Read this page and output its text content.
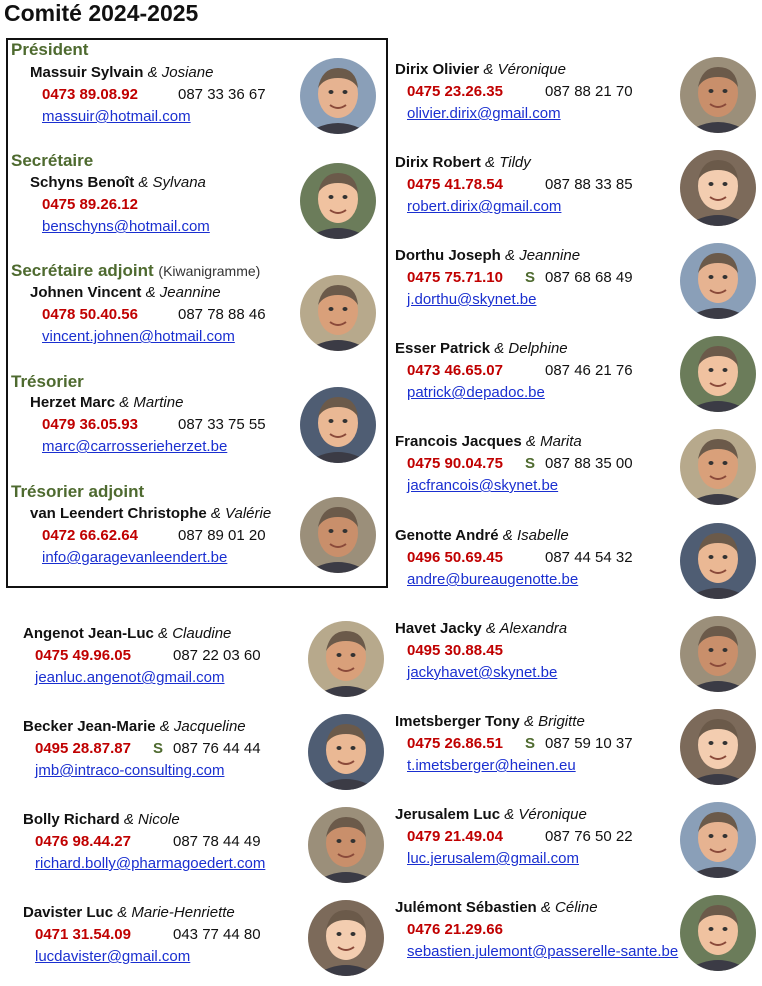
Comité 2024-2025
Président
Massuir Sylvain & Josiane
0473 89.08.92	087 33 36 67
massuir@hotmail.com
Secrétaire
Schyns Benoît & Sylvana
0475 89.26.12
benschyns@hotmail.com
Secrétaire adjoint (Kiwanigramme)
Johnen Vincent & Jeannine
0478 50.40.56	087 78 88 46
vincent.johnen@hotmail.com
Trésorier
Herzet Marc & Martine
0479 36.05.93	087 33 75 55
marc@carrosserieherzet.be
Trésorier adjoint
van Leendert Christophe & Valérie
0472 66.62.64	087 89 01 20
info@garagevanleendert.be
Angenot Jean-Luc & Claudine
0475 49.96.05	087 22 03 60
jeanluc.angenot@gmail.com
Becker Jean-Marie & Jacqueline
0495 28.87.87 S 087 76 44 44
jmb@intraco-consulting.com
Bolly Richard & Nicole
0476 98.44.27	087 78 44 49
richard.bolly@pharmagoedert.com
Davister Luc & Marie-Henriette
0471 31.54.09	043 77 44 80
lucdavister@gmail.com
Dirix Olivier & Véronique
0475 23.26.35	087 88 21 70
olivier.dirix@gmail.com
Dirix Robert & Tildy
0475 41.78.54	087 88 33 85
robert.dirix@gmail.com
Dorthu Joseph & Jeannine
0475 75.71.10 S 087 68 68 49
j.dorthu@skynet.be
Esser Patrick & Delphine
0473 46.65.07	087 46 21 76
patrick@depadoc.be
Francois Jacques & Marita
0475 90.04.75 S 087 88 35 00
jacfrancois@skynet.be
Genotte André & Isabelle
0496 50.69.45	087 44 54 32
andre@bureaugenotte.be
Havet Jacky & Alexandra
0495 30.88.45
jackyhavet@skynet.be
Imetsberger Tony & Brigitte
0475 26.86.51 S 087 59 10 37
t.imetsberger@heinen.eu
Jerusalem Luc & Véronique
0479 21.49.04	087 76 50 22
luc.jerusalem@gmail.com
Julémont Sébastien & Céline
0476 21.29.66
sebastien.julemont@passerelle-sante.be
